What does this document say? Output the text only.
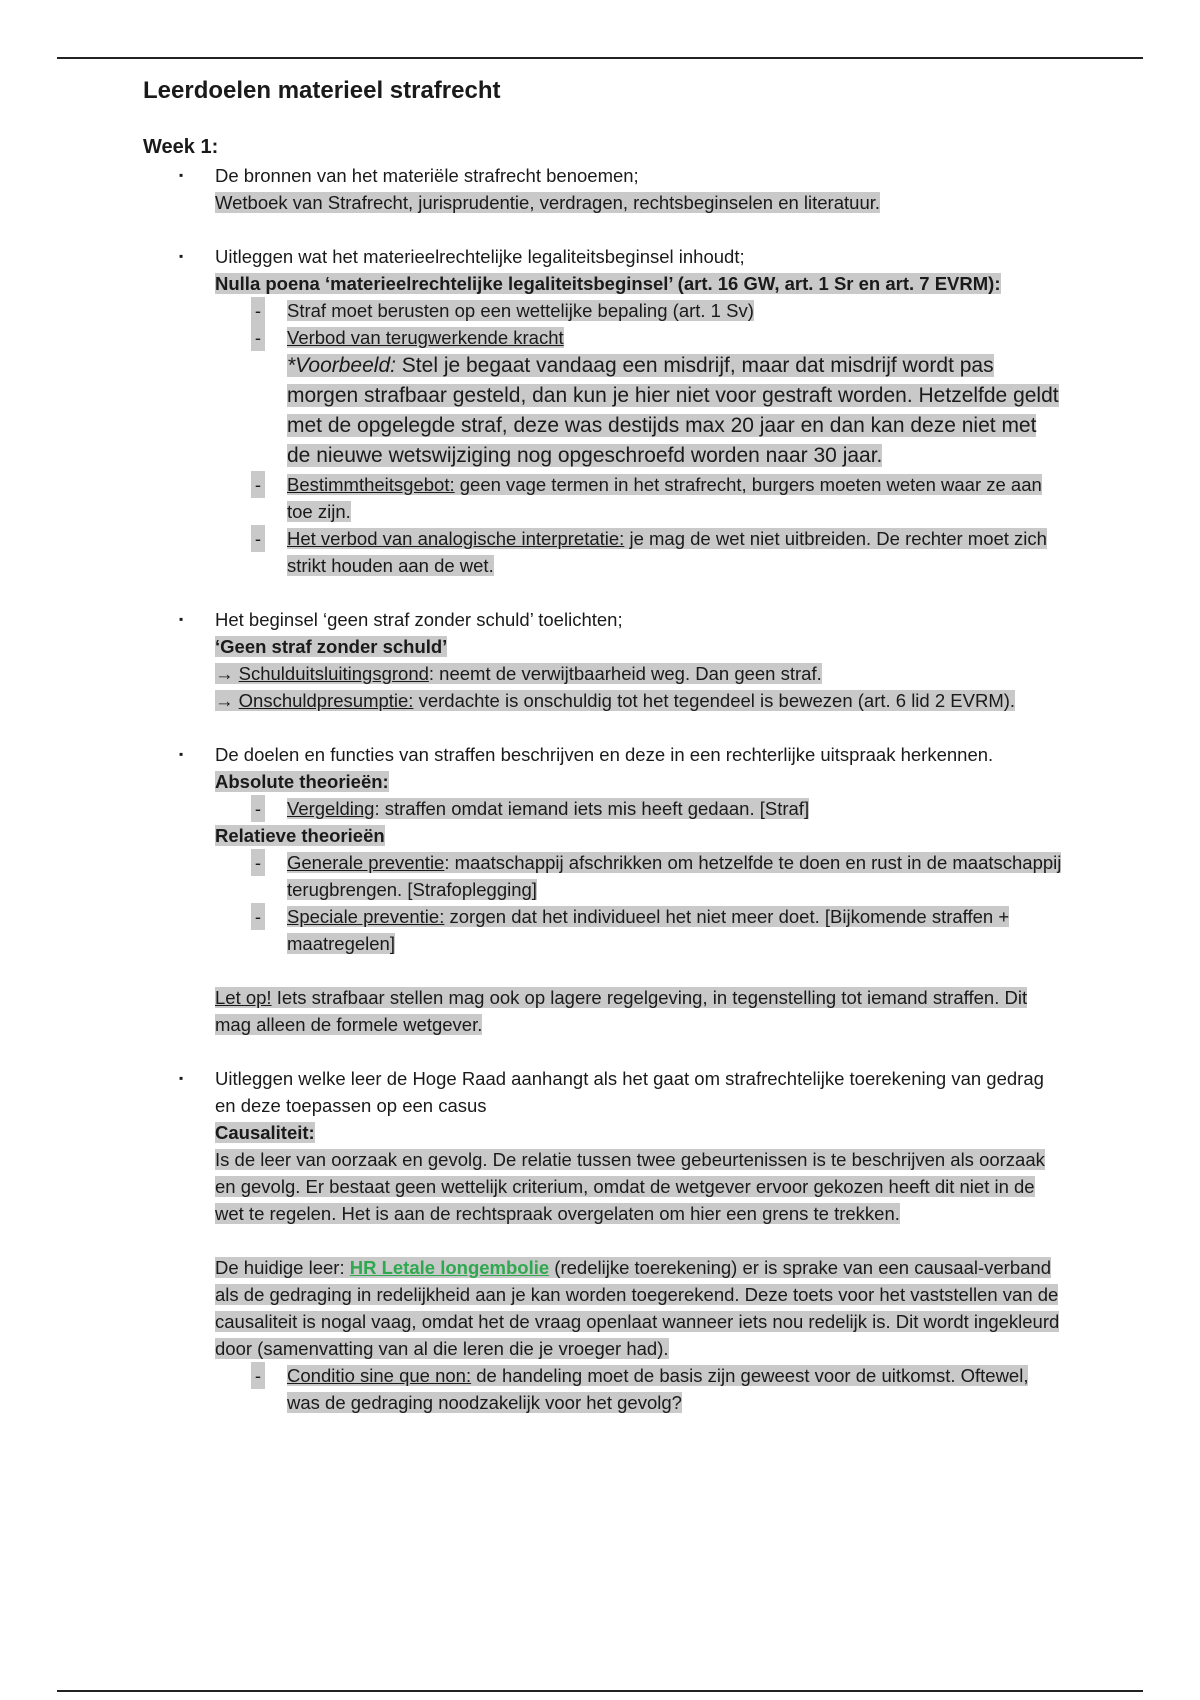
Leerdoelen materieel strafrecht
Week 1:
▪ De bronnen van het materiële strafrecht benoemen;
Wetboek van Strafrecht, jurisprudentie, verdragen, rechtsbeginselen en literatuur.
▪ Uitleggen wat het materieelrechtelijke legaliteitsbeginsel inhoudt;
Nulla poena ‘materieelrechtelijke legaliteitsbeginsel’ (art. 16 GW, art. 1 Sr en art. 7 EVRM):
- Straf moet berusten op een wettelijke bepaling (art. 1 Sv)
- Verbod van terugwerkende kracht
*Voorbeeld: Stel je begaat vandaag een misdrijf, maar dat misdrijf wordt pas morgen strafbaar gesteld, dan kun je hier niet voor gestraft worden. Hetzelfde geldt met de opgelegde straf, deze was destijds max 20 jaar en dan kan deze niet met de nieuwe wetswijziging nog opgeschroefd worden naar 30 jaar.
- Bestimmtheitsgebot: geen vage termen in het strafrecht, burgers moeten weten waar ze aan toe zijn.
- Het verbod van analogische interpretatie: je mag de wet niet uitbreiden. De rechter moet zich strikt houden aan de wet.
▪ Het beginsel ‘geen straf zonder schuld’ toelichten;
‘Geen straf zonder schuld’
→ Schulduitsluitingsgrond: neemt de verwijtbaarheid weg. Dan geen straf.
→ Onschuldpresumptie: verdachte is onschuldig tot het tegendeel is bewezen (art. 6 lid 2 EVRM).
▪ De doelen en functies van straffen beschrijven en deze in een rechterlijke uitspraak herkennen.
Absolute theorieën:
- Vergelding: straffen omdat iemand iets mis heeft gedaan. [Straf]
Relatieve theorieën
- Generale preventie: maatschappij afschrikken om hetzelfde te doen en rust in de maatschappij terugbrengen. [Strafoplegging]
- Speciale preventie: zorgen dat het individueel het niet meer doet. [Bijkomende straffen + maatregelen]
Let op! Iets strafbaar stellen mag ook op lagere regelgeving, in tegenstelling tot iemand straffen. Dit mag alleen de formele wetgever.
▪ Uitleggen welke leer de Hoge Raad aanhangt als het gaat om strafrechtelijke toerekening van gedrag en deze toepassen op een casus
Causaliteit:
Is de leer van oorzaak en gevolg. De relatie tussen twee gebeurtenissen is te beschrijven als oorzaak en gevolg. Er bestaat geen wettelijk criterium, omdat de wetgever ervoor gekozen heeft dit niet in de wet te regelen. Het is aan de rechtspraak overgelaten om hier een grens te trekken.
De huidige leer: HR Letale longembolie (redelijke toerekening) er is sprake van een causaal-verband als de gedraging in redelijkheid aan je kan worden toegerekend. Deze toets voor het vaststellen van de causaliteit is nogal vaag, omdat het de vraag openlaat wanneer iets nou redelijk is. Dit wordt ingekleurd door (samenvatting van al die leren die je vroeger had).
- Conditio sine que non: de handeling moet de basis zijn geweest voor de uitkomst. Oftewel, was de gedraging noodzakelijk voor het gevolg?
